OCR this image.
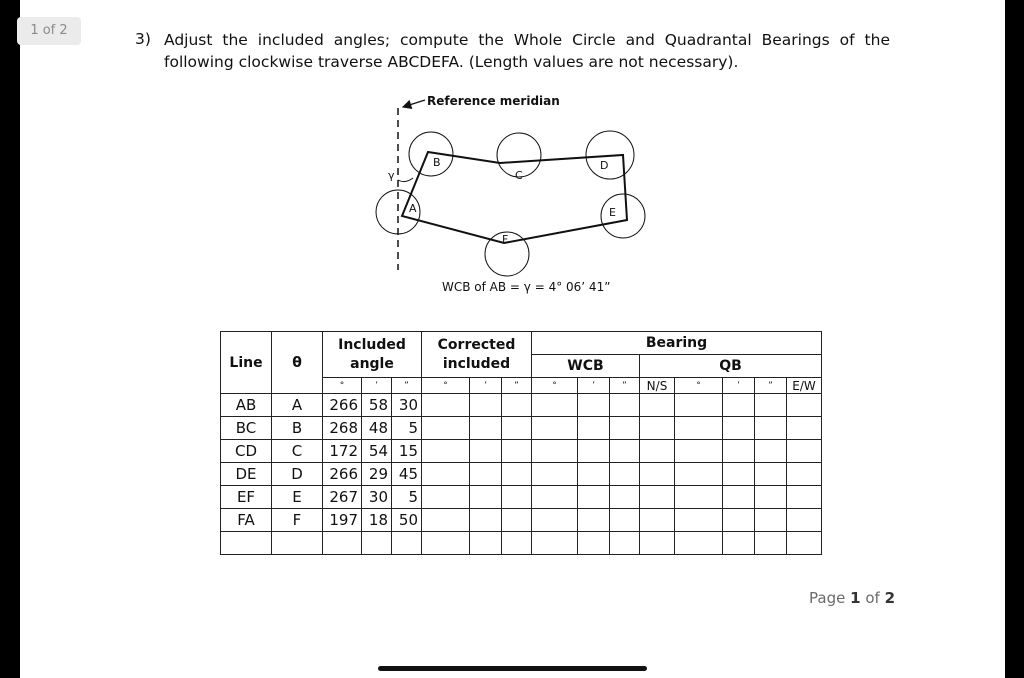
1 of 2	3) Adjust the included angles; compute the Whole Circle and Quadrantal Bearings of the following clockwise traverse ABCDEFA. (Length values are not necessary).
Reference meridian
γ
A
B
C
D
E
F
WCB of AB = γ = 4° 06’ 41”
Line	θ	Included angle			Corrected included			Bearing							
								WCB			QB				
		°	’	”	°	’	”	°	’	”	N/S	°	’	”	E/W
AB	A	266	58	30											
BC	B	268	48	5											
CD	C	172	54	15											
DE	D	266	29	45											
EF	E	267	30	5											
FA	F	197	18	50											

Page 1 of 2
